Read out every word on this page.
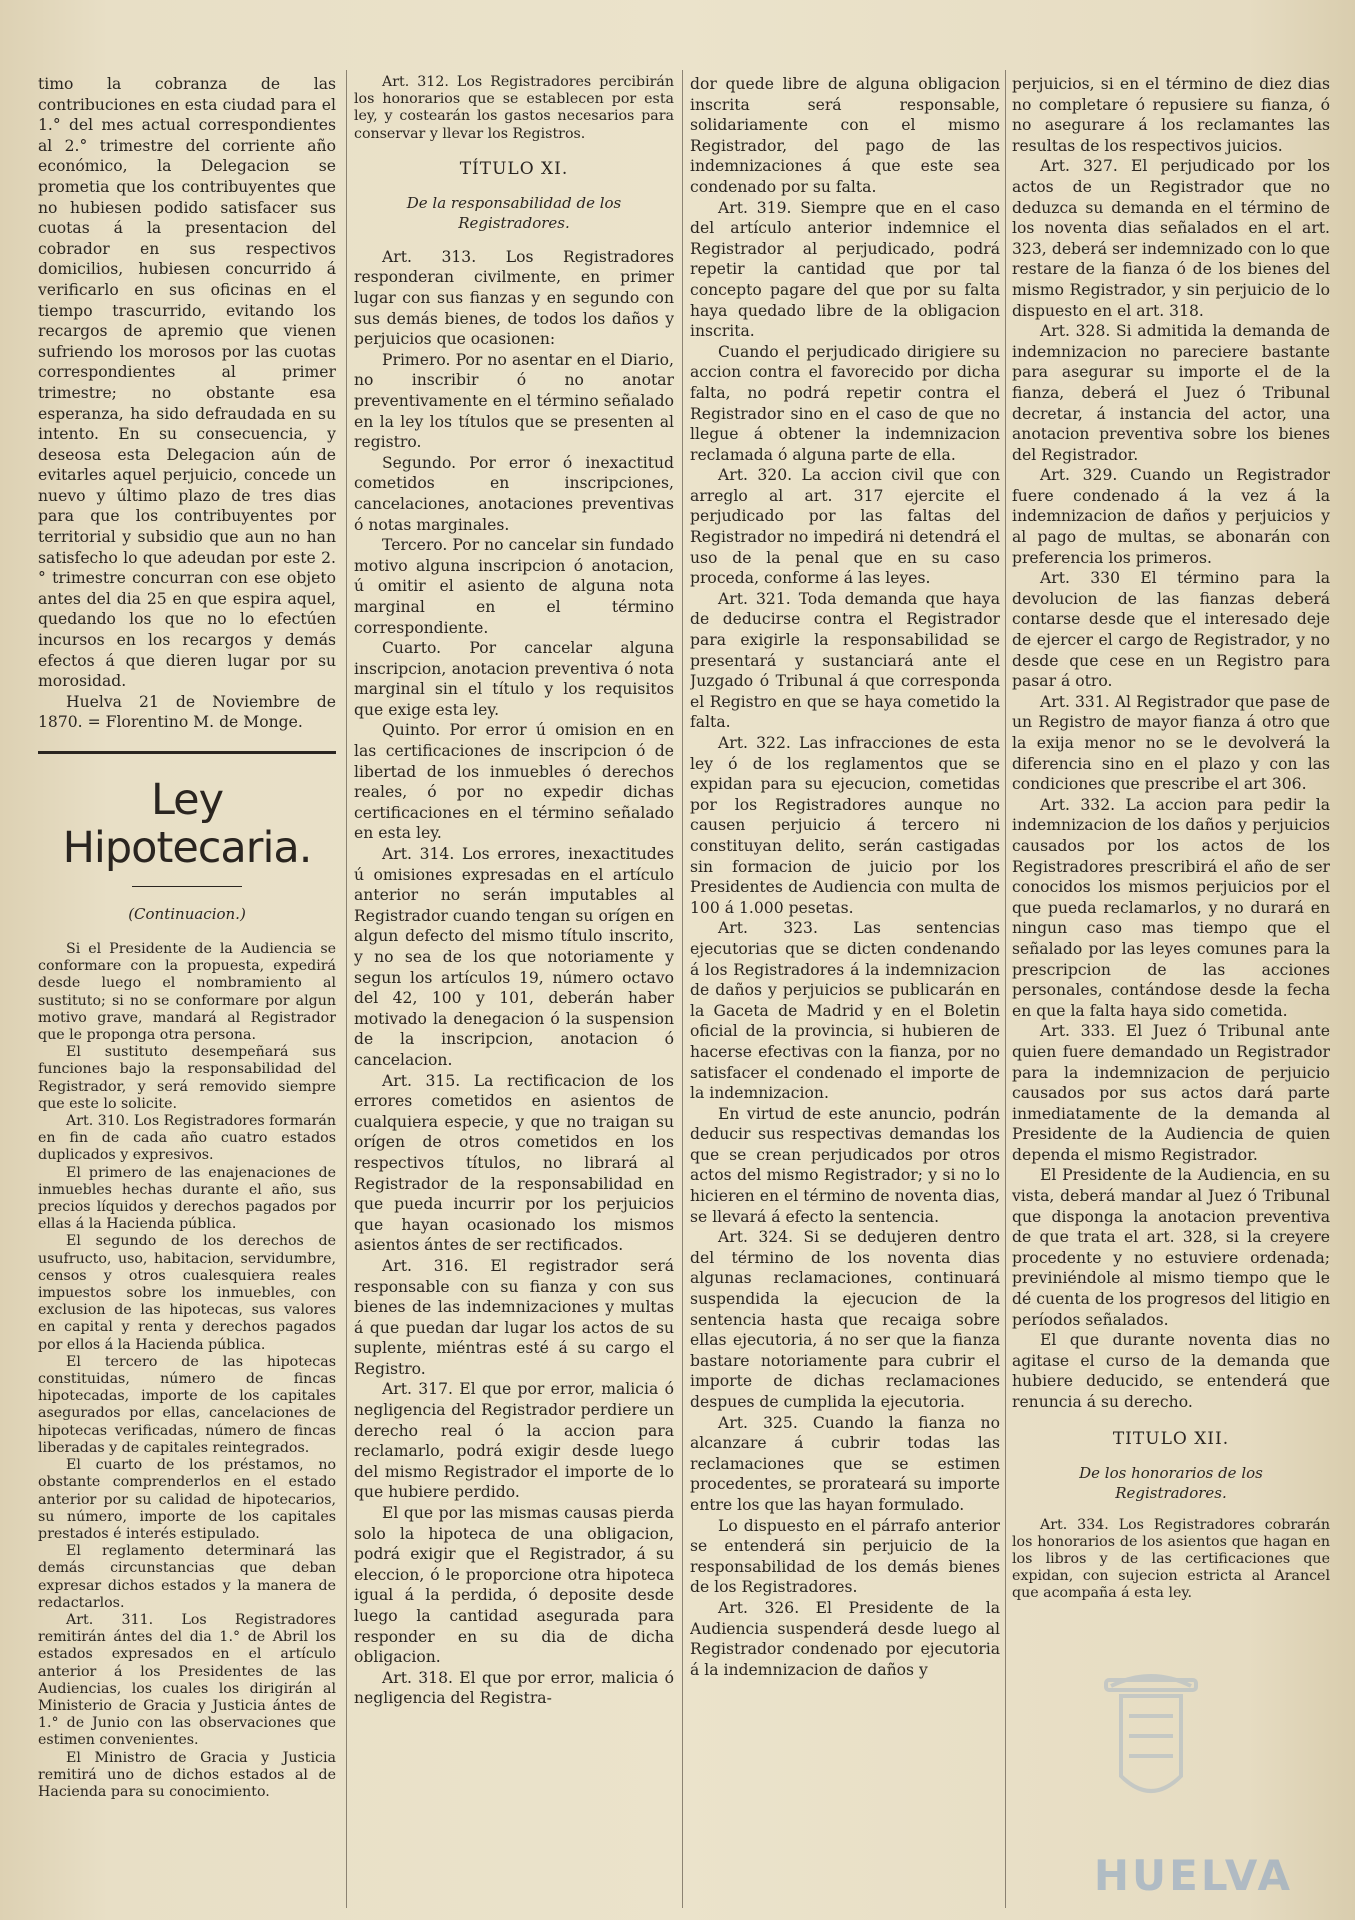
timo la cobranza de las contribuciones en esta ciudad para el 1.° del mes actual correspondientes al 2.° trimestre del corriente año económico, la Delegacion se prometia que los contribuyentes que no hubiesen podido satisfacer sus cuotas á la presentacion del cobrador en sus respectivos domicilios, hubiesen concurrido á verificarlo en sus oficinas en el tiempo trascurrido, evitando los recargos de apremio que vienen sufriendo los morosos por las cuotas correspondientes al primer trimestre; no obstante esa esperanza, ha sido defraudada en su intento. En su consecuencia, y deseosa esta Delegacion aún de evitarles aquel perjuicio, concede un nuevo y último plazo de tres dias para que los contribuyentes por territorial y subsidio que aun no han satisfecho lo que adeudan por este 2.° trimestre concurran con ese objeto antes del dia 25 en que espira aquel, quedando los que no lo efectúen incursos en los recargos y demás efectos á que dieren lugar por su morosidad.

Huelva 21 de Noviembre de 1870. = Florentino M. de Monge.

Ley Hipotecaria.
(Continuacion.)

Si el Presidente de la Audiencia se conformare con la propuesta, expedirá desde luego el nombramiento al sustituto; si no se conformare por algun motivo grave, mandará al Registrador que le proponga otra persona.

El sustituto desempeñará sus funciones bajo la responsabilidad del Registrador, y será removido siempre que este lo solicite.

Art. 310. Los Registradores formarán en fin de cada año cuatro estados duplicados y expresivos.

El primero de las enajenaciones de inmuebles hechas durante el año, sus precios líquidos y derechos pagados por ellas á la Hacienda pública.

El segundo de los derechos de usufructo, uso, habitacion, servidumbre, censos y otros cualesquiera reales impuestos sobre los inmuebles, con exclusion de las hipotecas, sus valores en capital y renta y derechos pagados por ellos á la Hacienda pública.

El tercero de las hipotecas constituidas, número de fincas hipotecadas, importe de los capitales asegurados por ellas, cancelaciones de hipotecas verificadas, número de fincas liberadas y de capitales reintegrados.

El cuarto de los préstamos, no obstante comprenderlos en el estado anterior por su calidad de hipotecarios, su número, importe de los capitales prestados é interés estipulado.

El reglamento determinará las demás circunstancias que deban expresar dichos estados y la manera de redactarlos.

Art. 311. Los Registradores remitirán ántes del dia 1.° de Abril los estados expresados en el artículo anterior á los Presidentes de las Audiencias, los cuales los dirigirán al Ministerio de Gracia y Justicia ántes de 1.° de Junio con las observaciones que estimen convenientes.

El Ministro de Gracia y Justicia remitirá uno de dichos estados al de Hacienda para su conocimiento.

Art. 312. Los Registradores percibirán los honorarios que se establecen por esta ley, y costearán los gastos necesarios para conservar y llevar los Registros.

TÍTULO XI.
De la responsabilidad de los Registradores.

Art. 313. Los Registradores responderan civilmente, en primer lugar con sus fianzas y en segundo con sus demás bienes, de todos los daños y perjuicios que ocasionen:

Primero. Por no asentar en el Diario, no inscribir ó no anotar preventivamente en el término señalado en la ley los títulos que se presenten al registro.

Segundo. Por error ó inexactitud cometidos en inscripciones, cancelaciones, anotaciones preventivas ó notas marginales.

Tercero. Por no cancelar sin fundado motivo alguna inscripcion ó anotacion, ú omitir el asiento de alguna nota marginal en el término correspondiente.

Cuarto. Por cancelar alguna inscripcion, anotacion preventiva ó nota marginal sin el título y los requisitos que exige esta ley.

Quinto. Por error ú omision en en las certificaciones de inscripcion ó de libertad de los inmuebles ó derechos reales, ó por no expedir dichas certificaciones en el término señalado en esta ley.

Art. 314. Los errores, inexactitudes ú omisiones expresadas en el artículo anterior no serán imputables al Registrador cuando tengan su orígen en algun defecto del mismo título inscrito, y no sea de los que notoriamente y segun los artículos 19, número octavo del 42, 100 y 101, deberán haber motivado la denegacion ó la suspension de la inscripcion, anotacion ó cancelacion.

Art. 315. La rectificacion de los errores cometidos en asientos de cualquiera especie, y que no traigan su orígen de otros cometidos en los respectivos títulos, no librará al Registrador de la responsabilidad en que pueda incurrir por los perjuicios que hayan ocasionado los mismos asientos ántes de ser rectificados.

Art. 316. El registrador será responsable con su fianza y con sus bienes de las indemnizaciones y multas á que puedan dar lugar los actos de su suplente, miéntras esté á su cargo el Registro.

Art. 317. El que por error, malicia ó negligencia del Registrador perdiere un derecho real ó la accion para reclamarlo, podrá exigir desde luego del mismo Registrador el importe de lo que hubiere perdido.

El que por las mismas causas pierda solo la hipoteca de una obligacion, podrá exigir que el Registrador, á su eleccion, ó le proporcione otra hipoteca igual á la perdida, ó deposite desde luego la cantidad asegurada para responder en su dia de dicha obligacion.

Art. 318. El que por error, malicia ó negligencia del Registra-

dor quede libre de alguna obligacion inscrita será responsable, solidariamente con el mismo Registrador, del pago de las indemnizaciones á que este sea condenado por su falta.

Art. 319. Siempre que en el caso del artículo anterior indemnice el Registrador al perjudicado, podrá repetir la cantidad que por tal concepto pagare del que por su falta haya quedado libre de la obligacion inscrita.

Cuando el perjudicado dirigiere su accion contra el favorecido por dicha falta, no podrá repetir contra el Registrador sino en el caso de que no llegue á obtener la indemnizacion reclamada ó alguna parte de ella.

Art. 320. La accion civil que con arreglo al art. 317 ejercite el perjudicado por las faltas del Registrador no impedirá ni detendrá el uso de la penal que en su caso proceda, conforme á las leyes.

Art. 321. Toda demanda que haya de deducirse contra el Registrador para exigirle la responsabilidad se presentará y sustanciará ante el Juzgado ó Tribunal á que corresponda el Registro en que se haya cometido la falta.

Art. 322. Las infracciones de esta ley ó de los reglamentos que se expidan para su ejecucion, cometidas por los Registradores aunque no causen perjuicio á tercero ni constituyan delito, serán castigadas sin formacion de juicio por los Presidentes de Audiencia con multa de 100 á 1.000 pesetas.

Art. 323. Las sentencias ejecutorias que se dicten condenando á los Registradores á la indemnizacion de daños y perjuicios se publicarán en la Gaceta de Madrid y en el Boletin oficial de la provincia, si hubieren de hacerse efectivas con la fianza, por no satisfacer el condenado el importe de la indemnizacion.

En virtud de este anuncio, podrán deducir sus respectivas demandas los que se crean perjudicados por otros actos del mismo Registrador; y si no lo hicieren en el término de noventa dias, se llevará á efecto la sentencia.

Art. 324. Si se dedujeren dentro del término de los noventa dias algunas reclamaciones, continuará suspendida la ejecucion de la sentencia hasta que recaiga sobre ellas ejecutoria, á no ser que la fianza bastare notoriamente para cubrir el importe de dichas reclamaciones despues de cumplida la ejecutoria.

Art. 325. Cuando la fianza no alcanzare á cubrir todas las reclamaciones que se estimen procedentes, se prorateará su importe entre los que las hayan formulado.

Lo dispuesto en el párrafo anterior se entenderá sin perjuicio de la responsabilidad de los demás bienes de los Registradores.

Art. 326. El Presidente de la Audiencia suspenderá desde luego al Registrador condenado por ejecutoria á la indemnizacion de daños y

perjuicios, si en el término de diez dias no completare ó repusiere su fianza, ó no asegurare á los reclamantes las resultas de los respectivos juicios.

Art. 327. El perjudicado por los actos de un Registrador que no deduzca su demanda en el término de los noventa dias señalados en el art. 323, deberá ser indemnizado con lo que restare de la fianza ó de los bienes del mismo Registrador, y sin perjuicio de lo dispuesto en el art. 318.

Art. 328. Si admitida la demanda de indemnizacion no pareciere bastante para asegurar su importe el de la fianza, deberá el Juez ó Tribunal decretar, á instancia del actor, una anotacion preventiva sobre los bienes del Registrador.

Art. 329. Cuando un Registrador fuere condenado á la vez á la indemnizacion de daños y perjuicios y al pago de multas, se abonarán con preferencia los primeros.

Art. 330 El término para la devolucion de las fianzas deberá contarse desde que el interesado deje de ejercer el cargo de Registrador, y no desde que cese en un Registro para pasar á otro.

Art. 331. Al Registrador que pase de un Registro de mayor fianza á otro que la exija menor no se le devolverá la diferencia sino en el plazo y con las condiciones que prescribe el art 306.

Art. 332. La accion para pedir la indemnizacion de los daños y perjuicios causados por los actos de los Registradores prescribirá el año de ser conocidos los mismos perjuicios por el que pueda reclamarlos, y no durará en ningun caso mas tiempo que el señalado por las leyes comunes para la prescripcion de las acciones personales, contándose desde la fecha en que la falta haya sido cometida.

Art. 333. El Juez ó Tribunal ante quien fuere demandado un Registrador para la indemnizacion de perjuicio causados por sus actos dará parte inmediatamente de la demanda al Presidente de la Audiencia de quien dependa el mismo Registrador.

El Presidente de la Audiencia, en su vista, deberá mandar al Juez ó Tribunal que disponga la anotacion preventiva de que trata el art. 328, si la creyere procedente y no estuviere ordenada; previniéndole al mismo tiempo que le dé cuenta de los progresos del litigio en períodos señalados.

El que durante noventa dias no agitase el curso de la demanda que hubiere deducido, se entenderá que renuncia á su derecho.

TITULO XII.
De los honorarios de los Registradores.

Art. 334. Los Registradores cobrarán los honorarios de los asientos que hagan en los libros y de las certificaciones que expidan, con sujecion estricta al Arancel que acompaña á esta ley.

HUELVA
